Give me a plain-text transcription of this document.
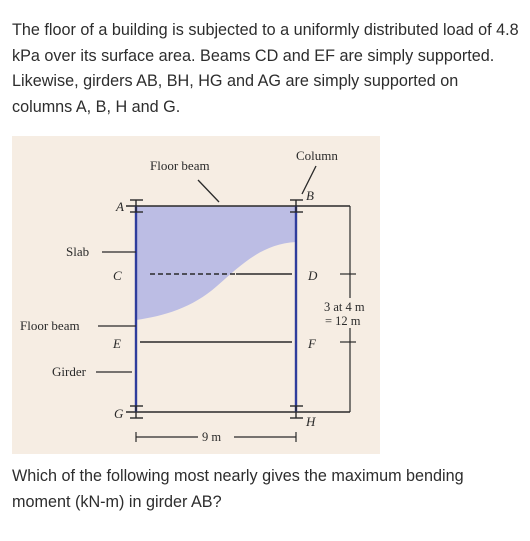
The floor of a building is subjected to a uniformly distributed load of 4.8 kPa over its surface area. Beams CD and EF are simply supported. Likewise, girders AB, BH, HG and AG are simply supported on columns A, B, H and G.

Floor beam
Column
Slab
Floor beam
Girder
A
B
C	D
E	F
G
H
3 at 4 m
= 12 m
9 m

Which of the following most nearly gives the maximum bending moment (kN-m) in girder AB?
